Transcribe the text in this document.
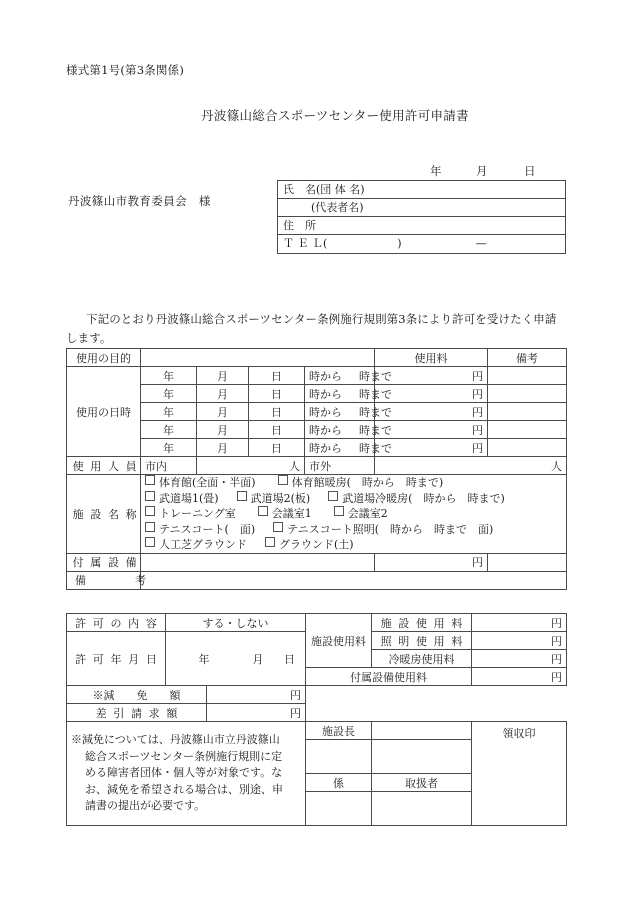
様式第1号(第3条関係)
丹波篠山総合スポーツセンター使用許可申請書
年	月	日
丹波篠山市教育委員会　様
氏　名(団 体 名)
(代表者名)
住　所
Ｔ Ｅ Ｌ(	)	—
下記のとおり丹波篠山総合スポーツセンター条例施行規則第3条により許可を受けたく申請
します。
使用の目的					使用料	備考
使用の日時	年	月	日	時から 時まで	円	
	年	月	日	時から 時まで	円	
	年	月	日	時から 時まで	円	
	年	月	日	時から 時まで	円	
	年	月	日	時から 時まで	円	
使 用 人 員	市内	人		市外	人	
施 設 名 称	体育館(全面・半面) 体育館暖房(　時から　時まで)
武道場1(畳) 武道場2(板) 武道場冷暖房(　時から　時まで)
トレーニング室 会議室1 会議室2
テニスコート(　面) テニスコート照明(　時から　時まで　面)
人工芝グラウンド グラウンド(土)					

付 属 設 備					円	
備　　　考						
許 可 の 内 容	する・しない		施設使用料	施 設 使 用 料	円
許 可 年 月 日	年 月 日			照 明 使 用 料	円
				冷暖房使用料	円
			付属設備使用料		円
※減　　免　　額		円			
差 引 請 求 額		円			

※減免については、丹波篠山市立丹波篠山
総合スポーツセンター条例施行規則に定
める障害者団体・個人等が対象です。な
お、減免を希望される場合は、別途、申
請書の提出が必要です。			施設長		領収印

			係	取扱者	
